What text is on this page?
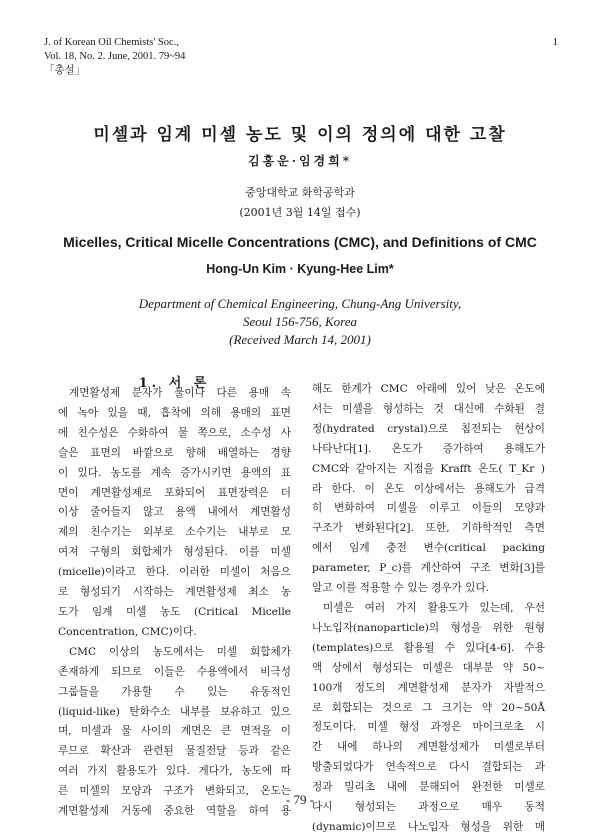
J. of Korean Oil Chemists' Soc.,
Vol. 18, No. 2. June, 2001. 79~94
「총설」
1
미셀과 임계 미셀 농도 및 이의 정의에 대한 고찰
김홍운·임경희*
중앙대학교 화학공학과
(2001년 3월 14일 접수)
Micelles, Critical Micelle Concentrations (CMC), and Definitions of CMC
Hong-Un Kim · Kyung-Hee Lim*
Department of Chemical Engineering, Chung-Ang University,
Seoul 156-756, Korea
(Received March 14, 2001)
1. 서 론
계면활성제 분자가 물이나 다른 용매 속
에 녹아 있을 때, 흡착에 의해 용매의 표면
에 친수성은 수화하여 물 쪽으로, 소수성 사
슬은 표면의 바깥으로 향해 배열하는 경향
이 있다. 농도를 계속 증가시키면 용액의 표
면이 계면활성제로 포화되어 표면장력은 더
이상 줄어들지 않고 용액 내에서 계면활성
제의 친수기는 외부로 소수기는 내부로 모
여져 구형의 회합체가 형성된다. 이를 미셀
(micelle)이라고 한다. 이러한 미셀이 처음으
로 형성되기 시작하는 계면활성제 최소 농
도가 임계 미셀 농도 (Critical Micelle
Concentration, CMC)이다.
CMC 이상의 농도에서는 미셀 회합체가
존재하게 되므로 이들은 수용액에서 비극성
그룹들을 가용할 수 있는 유동적인
(liquid-like) 탄화수소 내부를 보유하고 있으
며, 미셀과 물 사이의 계면은 큰 면적을 이
루므로 확산과 관련된 물질전달 등과 같은
여러 가지 활용도가 있다. 게다가, 농도에 따
른 미셀의 모양과 구조가 변화되고, 온도는
계면활성제 거동에 중요한 역할을 하여 용
해도 한계가 CMC 아래에 있어 낮은 온도에
서는 미셀을 형성하는 것 대신에 수화된 결
정(hydrated crystal)으로 침전되는 현상이
나타난다[1]. 온도가 증가하여 용해도가
CMC와 같아지는 지점을 Krafft 온도( T_Kr )
라 한다. 이 온도 이상에서는 용해도가 급격
히 변화하여 미셀을 이루고 이들의 모양과
구조가 변화된다[2]. 또한, 기하학적인 측면
에서 임계 충전 변수(critical packing
parameter, P_c)를 계산하여 구조 변화[3]를
알고 이를 적용할 수 있는 경우가 있다.
미셀은 여러 가지 활용도가 있는데, 우선
나노입자(nanoparticle)의 형성을 위한 원형
(templates)으로 활용될 수 있다[4-6]. 수용
액 상에서 형성되는 미셀은 대부분 약 50~
100개 정도의 계면활성제 분자가 자발적으
로 회합되는 것으로 그 크기는 약 20~50Å
정도이다. 미셀 형성 과정은 마이크로초 시
간 내에 하나의 계면활성제가 미셀로부터
방출되었다가 연속적으로 다시 결합되는 과
정과 밀리초 내에 분해되어 완전한 미셀로
다시 형성되는 과정으로 매우 동적
(dynamic)이므로 나노입자 형성을 위한 매
- 79 -
